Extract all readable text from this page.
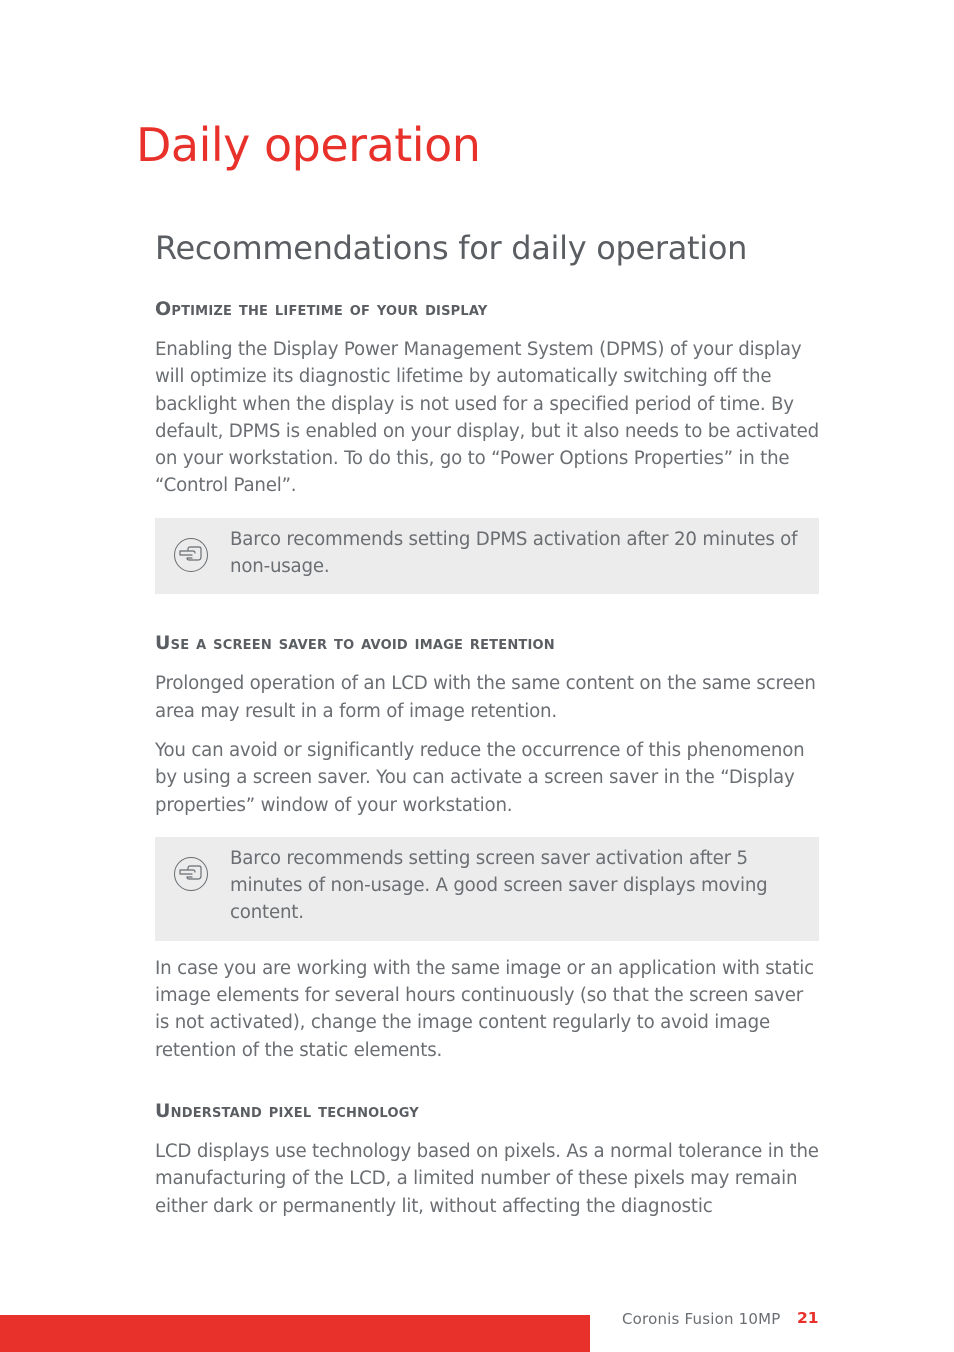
Daily operation
Recommendations for daily operation
Optimize the lifetime of your display

Enabling the Display Power Management System (DPMS) of your display will optimize its diagnostic lifetime by automatically switching off the backlight when the display is not used for a specified period of time. By default, DPMS is enabled on your display, but it also needs to be activated on your workstation. To do this, go to “Power Options Properties” in the “Control Panel”.

Barco recommends setting DPMS activation after 20 minutes of non-usage.

Use a screen saver to avoid image retention

Prolonged operation of an LCD with the same content on the same screen area may result in a form of image retention.

You can avoid or significantly reduce the occurrence of this phenomenon by using a screen saver. You can activate a screen saver in the “Display properties” window of your workstation.

Barco recommends setting screen saver activation after 5 minutes of non-usage. A good screen saver displays moving content.

In case you are working with the same image or an application with static image elements for several hours continuously (so that the screen saver is not activated), change the image content regularly to avoid image retention of the static elements.

Understand pixel technology

LCD displays use technology based on pixels. As a normal tolerance in the manufacturing of the LCD, a limited number of these pixels may remain either dark or permanently lit, without affecting the diagnostic

Coronis Fusion 10MP 21
